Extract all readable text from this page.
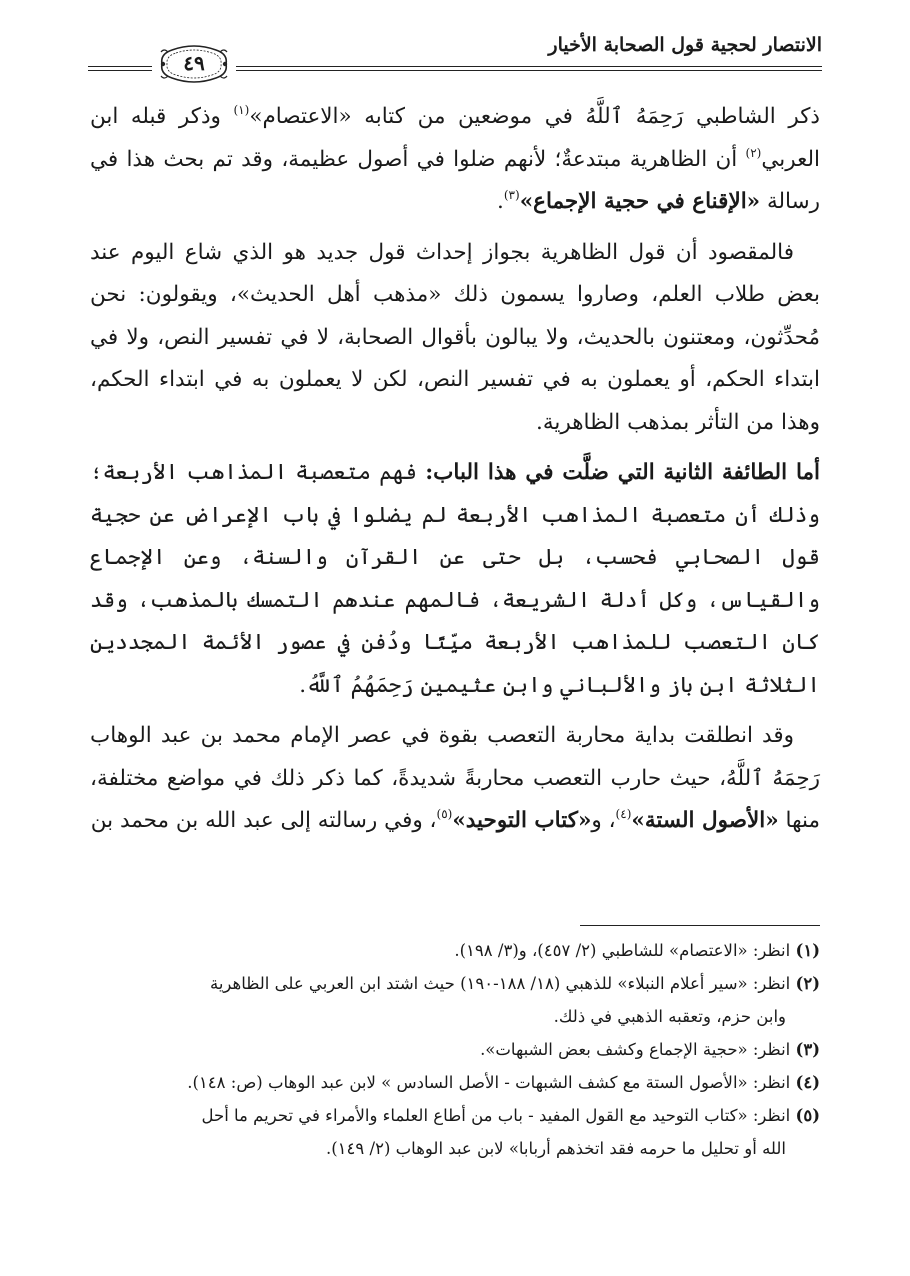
الانتصار لحجية قول الصحابة الأخيار
٤٩

ذكر الشاطبي رَحِمَهُ ٱللَّهُ في موضعين من كتابه «الاعتصام»$^{(١)}$ وذكر قبله ابن العربي$^{(٢)}$ أن الظاهرية مبتدعةٌ؛ لأنهم ضلوا في أصول عظيمة، وقد تم بحث هذا في رسالة «الإقناع في حجية الإجماع»$^{(٣)}$.

فالمقصود أن قول الظاهرية بجواز إحداث قول جديد هو الذي شاع اليوم عند بعض طلاب العلم، وصاروا يسمون ذلك «مذهب أهل الحديث»، ويقولون: نحن مُحدِّثون، ومعتنون بالحديث، ولا يبالون بأقوال الصحابة، لا في تفسير النص، ولا في ابتداء الحكم، أو يعملون به في تفسير النص، لكن لا يعملون به في ابتداء الحكم، وهذا من التأثر بمذهب الظاهرية.

أما الطائفة الثانية التي ضلَّت في هذا الباب: فهم متعصبة المذاهب الأربعة؛ وذلك أن متعصبة المذاهب الأربعة لم يضلوا في باب الإعراض عن حجية قول الصحابي فحسب، بل حتى عن القرآن والسنة، وعن الإجماع والقياس، وكل أدلة الشريعة، فالمهم عندهم التمسك بالمذهب، وقد كان التعصب للمذاهب الأربعة ميِّتًا ودُفن في عصور الأئمة المجددين الثلاثة ابن باز والألباني وابن عثيمين رَحِمَهُمُ ٱللَّهُ.

وقد انطلقت بداية محاربة التعصب بقوة في عصر الإمام محمد بن عبد الوهاب رَحِمَهُ ٱللَّهُ، حيث حارب التعصب محاربةً شديدةً، كما ذكر ذلك في مواضع مختلفة، منها «الأصول الستة»$^{(٤)}$، و«كتاب التوحيد»$^{(٥)}$، وفي رسالته إلى عبد الله بن محمد بن

(١) انظر: «الاعتصام» للشاطبي (٢/ ٤٥٧)، و(٣/ ١٩٨).

(٢) انظر: «سير أعلام النبلاء» للذهبي (١٨/ ١٨٨-١٩٠) حيث اشتد ابن العربي على الظاهرية
وابن حزم، وتعقبه الذهبي في ذلك.

(٣) انظر: «حجية الإجماع وكشف بعض الشبهات».

(٤) انظر: «الأصول الستة مع كشف الشبهات - الأصل السادس » لابن عبد الوهاب (ص: ١٤٨).

(٥) انظر: «كتاب التوحيد مع القول المفيد - باب من أطاع العلماء والأمراء في تحريم ما أحل
الله أو تحليل ما حرمه فقد اتخذهم أربابا» لابن عبد الوهاب (٢/ ١٤٩).
